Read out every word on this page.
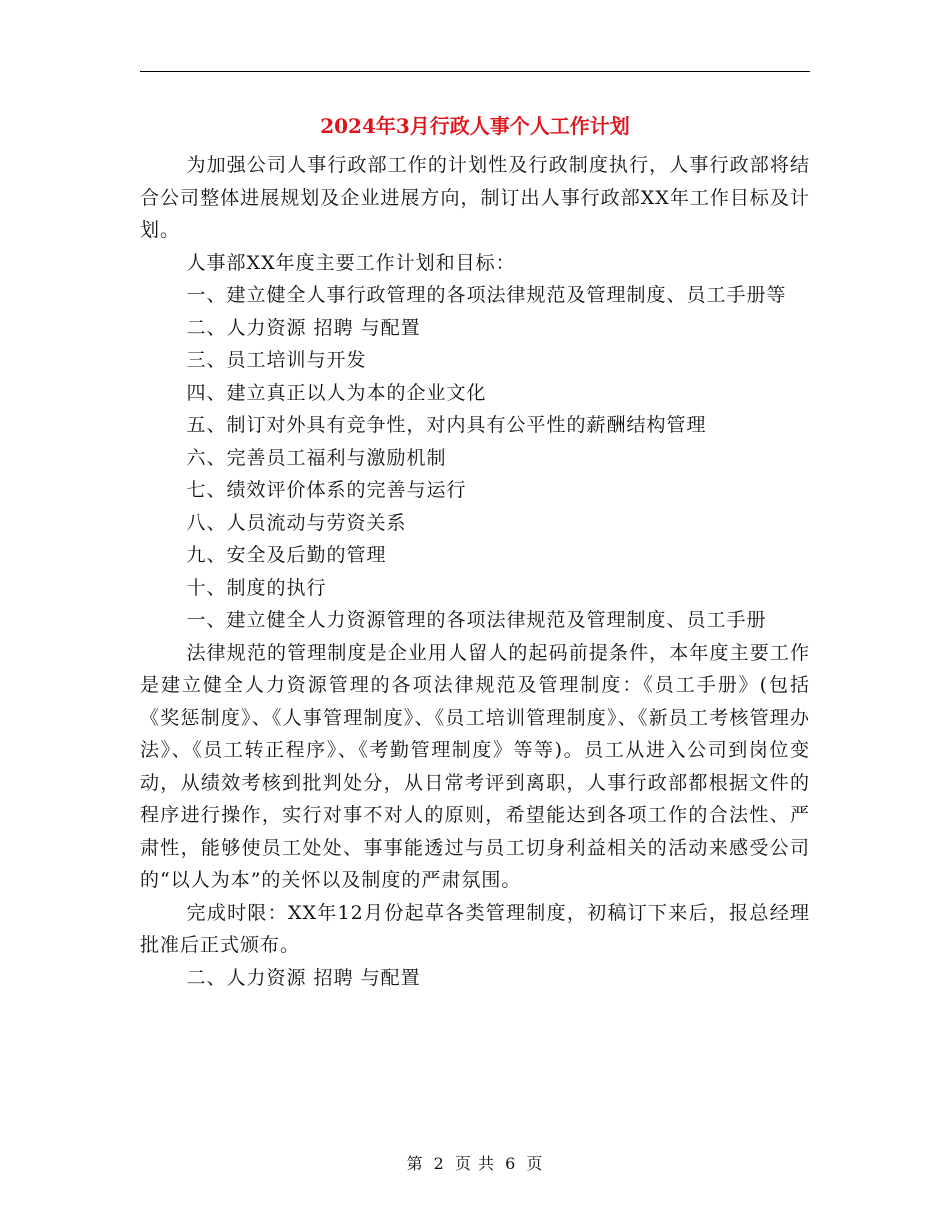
2024年3月行政人事个人工作计划

为加强公司人事行政部工作的计划性及行政制度执行，人事行政部将结合公司整体进展规划及企业进展方向，制订出人事行政部XX年工作目标及计划。

人事部XX年度主要工作计划和目标：

一、建立健全人事行政管理的各项法律规范及管理制度、员工手册等

二、人力资源 招聘 与配置

三、员工培训与开发

四、建立真正以人为本的企业文化

五、制订对外具有竞争性，对内具有公平性的薪酬结构管理

六、完善员工福利与激励机制

七、绩效评价体系的完善与运行

八、人员流动与劳资关系

九、安全及后勤的管理

十、制度的执行

一、建立健全人力资源管理的各项法律规范及管理制度、员工手册

法律规范的管理制度是企业用人留人的起码前提条件，本年度主要工作是建立健全人力资源管理的各项法律规范及管理制度：《员工手册》(包括《奖惩制度》、《人事管理制度》、《员工培训管理制度》、《新员工考核管理办法》、《员工转正程序》、《考勤管理制度》等等)。员工从进入公司到岗位变动，从绩效考核到批判处分，从日常考评到离职，人事行政部都根据文件的程序进行操作，实行对事不对人的原则，希望能达到各项工作的合法性、严肃性，能够使员工处处、事事能透过与员工切身利益相关的活动来感受公司的“以人为本”的关怀以及制度的严肃氛围。

完成时限：XX年12月份起草各类管理制度，初稿订下来后，报总经理批准后正式颁布。

二、人力资源 招聘 与配置

第 2 页 共 6 页
